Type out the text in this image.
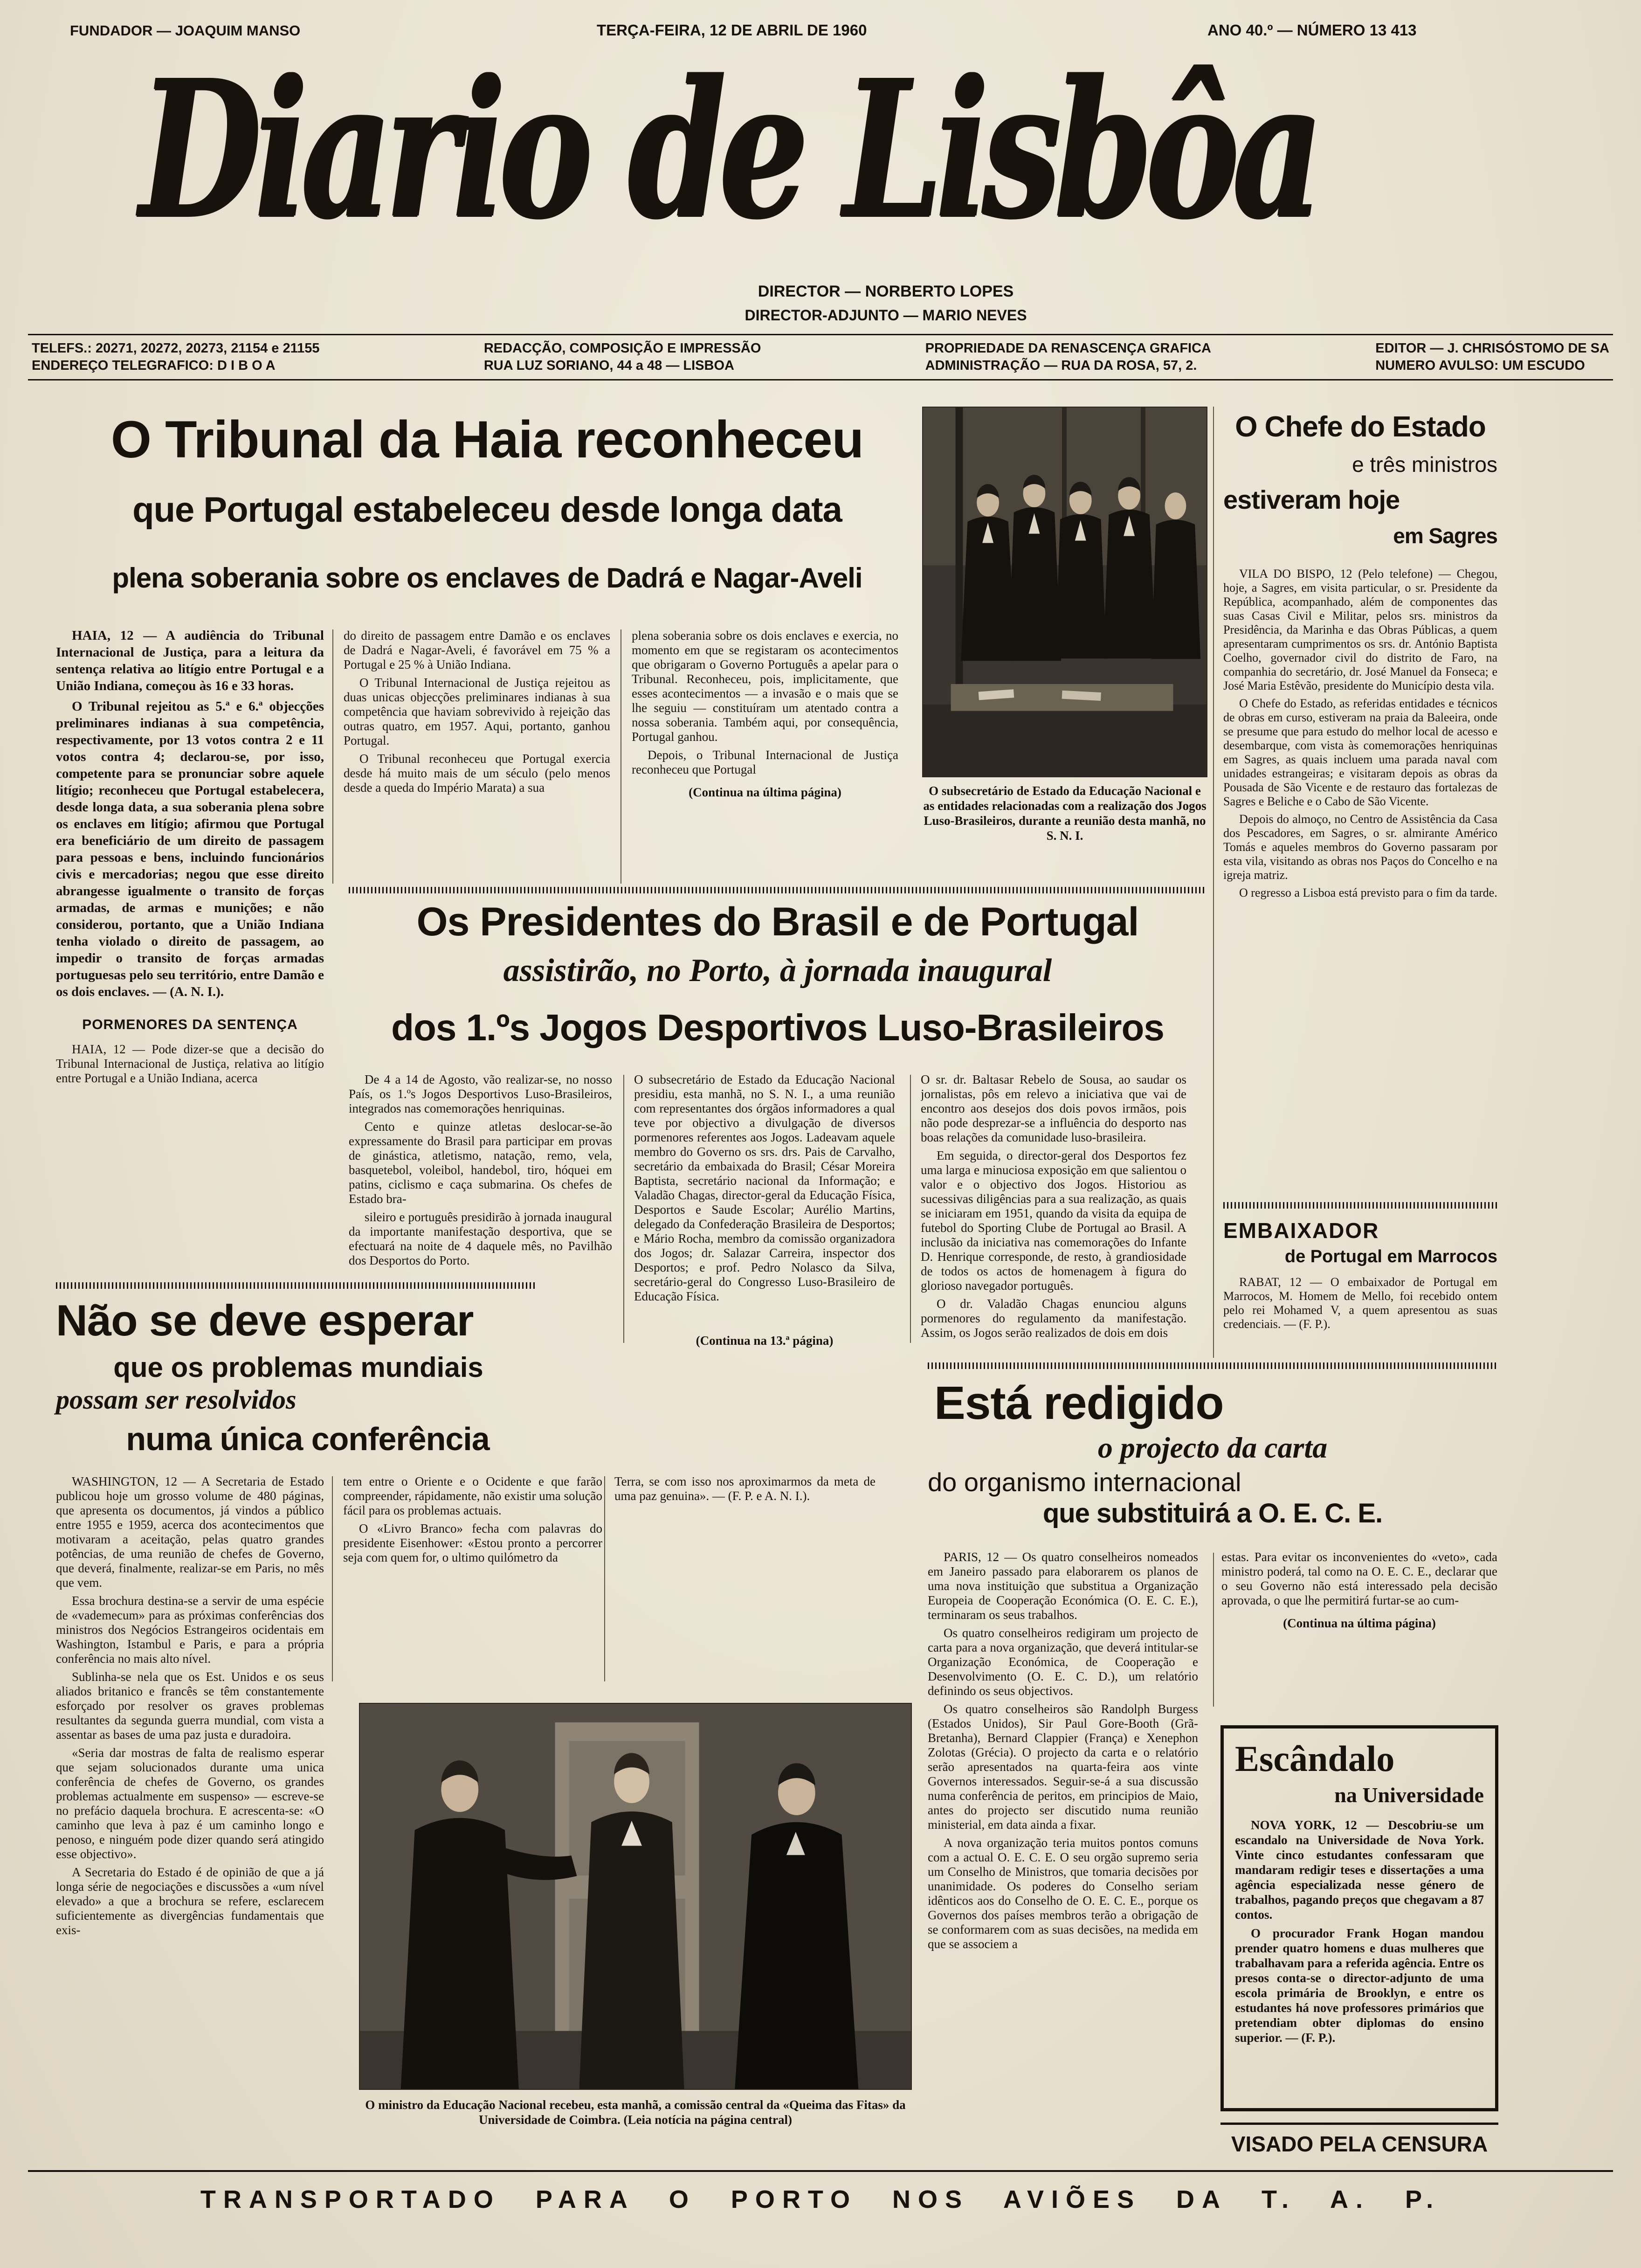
FUNDADOR — JOAQUIM MANSO	TERÇA-FEIRA, 12 DE ABRIL DE 1960	ANO 40.º — NÚMERO 13 413
Diario de Lisbôa
DIRECTOR — NORBERTO LOPES
DIRECTOR-ADJUNTO — MARIO NEVES
TELEFS.: 20271, 20272, 20273, 21154 e 21155
ENDEREÇO TELEGRAFICO: D I B O A
REDACÇÃO, COMPOSIÇÃO E IMPRESSÃO
RUA LUZ SORIANO, 44 a 48 — LISBOA
PROPRIEDADE DA RENASCENÇA GRAFICA
ADMINISTRAÇÃO — RUA DA ROSA, 57, 2.
EDITOR — J. CHRISÓSTOMO DE SA
NUMERO AVULSO: UM ESCUDO
O Tribunal da Haia reconheceu
que Portugal estabeleceu desde longa data
plena soberania sobre os enclaves de Dadrá e Nagar-Aveli

HAIA, 12 — A audiência do Tribunal Internacional de Justiça, para a leitura da sentença relativa ao litígio entre Portugal e a União Indiana, começou às 16 e 33 horas.

O Tribunal rejeitou as 5.ª e 6.ª objecções preliminares indianas à sua competência, respectivamente, por 13 votos contra 2 e 11 votos contra 4; declarou-se, por isso, competente para se pronunciar sobre aquele litígio; reconheceu que Portugal estabelecera, desde longa data, a sua soberania plena sobre os enclaves em litígio; afirmou que Portugal era beneficiário de um direito de passagem para pessoas e bens, incluindo funcionários civis e mercadorias; negou que esse direito abrangesse igualmente o transito de forças armadas, de armas e munições; e não considerou, portanto, que a União Indiana tenha violado o direito de passagem, ao impedir o transito de forças armadas portuguesas pelo seu território, entre Damão e os dois enclaves. — (A. N. I.).

PORMENORES DA SENTENÇA

HAIA, 12 — Pode dizer-se que a decisão do Tribunal Internacional de Justiça, relativa ao litígio entre Portugal e a União Indiana, acerca

do direito de passagem entre Damão e os enclaves de Dadrá e Nagar-Aveli, é favorável em 75 % a Portugal e 25 % à União Indiana.

O Tribunal Internacional de Justiça rejeitou as duas unicas objecções preliminares indianas à sua competência que haviam sobrevivido à rejeição das outras quatro, em 1957. Aqui, portanto, ganhou Portugal.

O Tribunal reconheceu que Portugal exercia desde há muito mais de um século (pelo menos desde a queda do Império Marata) a sua

plena soberania sobre os dois enclaves e exercia, no momento em que se registaram os acontecimentos que obrigaram o Governo Português a apelar para o Tribunal. Reconheceu, pois, implicitamente, que esses acontecimentos — a invasão e o mais que se lhe seguiu — constituíram um atentado contra a nossa soberania. Também aqui, por consequência, Portugal ganhou.

Depois, o Tribunal Internacional de Justiça reconheceu que Portugal

(Continua na última página)	O subsecretário de Estado da Educação Nacional e as entidades relacionadas com a realização dos Jogos Luso-Brasileiros, durante a reunião desta manhã, no S. N. I.
O Chefe do Estado
e três ministros
estiveram hoje
em Sagres

VILA DO BISPO, 12 (Pelo telefone) — Chegou, hoje, a Sagres, em visita particular, o sr. Presidente da República, acompanhado, além de componentes das suas Casas Civil e Militar, pelos srs. ministros da Presidência, da Marinha e das Obras Públicas, a quem apresentaram cumprimentos os srs. dr. António Baptista Coelho, governador civil do distrito de Faro, na companhia do secretário, dr. José Manuel da Fonseca; e José Maria Estêvão, presidente do Município desta vila.

O Chefe do Estado, as referidas entidades e técnicos de obras em curso, estiveram na praia da Baleeira, onde se presume que para estudo do melhor local de acesso e desembarque, com vista às comemorações henriquinas em Sagres, as quais incluem uma parada naval com unidades estrangeiras; e visitaram depois as obras da Pousada de São Vicente e de restauro das fortalezas de Sagres e Beliche e o Cabo de São Vicente.

Depois do almoço, no Centro de Assistência da Casa dos Pescadores, em Sagres, o sr. almirante Américo Tomás e aqueles membros do Governo passaram por esta vila, visitando as obras nos Paços do Concelho e na igreja matriz.

O regresso a Lisboa está previsto para o fim da tarde.

EMBAIXADOR
de Portugal em Marrocos

RABAT, 12 — O embaixador de Portugal em Marrocos, M. Homem de Mello, foi recebido ontem pelo rei Mohamed V, a quem apresentou as suas credenciais. — (F. P.).

Os Presidentes do Brasil e de Portugal
assistirão, no Porto, à jornada inaugural
dos 1.ºs Jogos Desportivos Luso-Brasileiros

De 4 a 14 de Agosto, vão realizar-se, no nosso País, os 1.ºs Jogos Desportivos Luso-Brasileiros, integrados nas comemorações henriquinas.

Cento e quinze atletas deslocar-se-ão expressamente do Brasil para participar em provas de ginástica, atletismo, natação, remo, vela, basquetebol, voleibol, handebol, tiro, hóquei em patins, ciclismo e caça submarina. Os chefes de Estado bra-

sileiro e português presidirão à jornada inaugural da importante manifestação desportiva, que se efectuará na noite de 4 daquele mês, no Pavilhão dos Desportos do Porto.

O subsecretário de Estado da Educação Nacional presidiu, esta manhã, no S. N. I., a uma reunião com representantes dos órgãos informadores a qual teve por objectivo a divulgação de diversos pormenores referentes aos Jogos. Ladeavam aquele membro do Governo os srs. drs. Pais de Carvalho, secretário da embaixada do Brasil; César Moreira Baptista, secretário nacional da Informação; e Valadão Chagas, director-geral da Educação Física, Desportos e Saude Escolar; Aurélio Martins, delegado da Confederação Brasileira de Desportos; e Mário Rocha, membro da comissão organizadora dos Jogos; dr. Salazar Carreira, inspector dos Desportos; e prof. Pedro Nolasco da Silva, secretário-geral do Congresso Luso-Brasileiro de Educação Física.

O sr. dr. Baltasar Rebelo de Sousa, ao saudar os jornalistas, pôs em relevo a iniciativa que vai de encontro aos desejos dos dois povos irmãos, pois não pode desprezar-se a influência do desporto nas boas relações da comunidade luso-brasileira.

Em seguida, o director-geral dos Desportos fez uma larga e minuciosa exposição em que salientou o valor e o objectivo dos Jogos. Historiou as sucessivas diligências para a sua realização, as quais se iniciaram em 1951, quando da visita da equipa de futebol do Sporting Clube de Portugal ao Brasil. A inclusão da iniciativa nas comemorações do Infante D. Henrique corresponde, de resto, à grandiosidade de todos os actos de homenagem à figura do glorioso navegador português.

O dr. Valadão Chagas enunciou alguns pormenores do regulamento da manifestação. Assim, os Jogos serão realizados de dois em dois

(Continua na 13.ª página)
Não se deve esperar
que os problemas mundiais
possam ser resolvidos
numa única conferência

WASHINGTON, 12 — A Secretaria de Estado publicou hoje um grosso volume de 480 páginas, que apresenta os documentos, já vindos a público entre 1955 e 1959, acerca dos acontecimentos que motivaram a aceitação, pelas quatro grandes potências, de uma reunião de chefes de Governo, que deverá, finalmente, realizar-se em Paris, no mês que vem.

Essa brochura destina-se a servir de uma espécie de «vademecum» para as próximas conferências dos ministros dos Negócios Estrangeiros ocidentais em Washington, Istambul e Paris, e para a própria conferência no mais alto nível.

Sublinha-se nela que os Est. Unidos e os seus aliados britanico e francês se têm constantemente esforçado por resolver os graves problemas resultantes da segunda guerra mundial, com vista a assentar as bases de uma paz justa e duradoira.

«Seria dar mostras de falta de realismo esperar que sejam solucionados durante uma unica conferência de chefes de Governo, os grandes problemas actualmente em suspenso» — escreve-se no prefácio daquela brochura. E acrescenta-se: «O caminho que leva à paz é um caminho longo e penoso, e ninguém pode dizer quando será atingido esse objectivo».

A Secretaria do Estado é de opinião de que a já longa série de negociações e discussões a «um nível elevado» a que a brochura se refere, esclarecem suficientemente as divergências fundamentais que exis-

tem entre o Oriente e o Ocidente e que farão compreender, rápidamente, não existir uma solução fácil para os problemas actuais.

O «Livro Branco» fecha com palavras do presidente Eisenhower: «Estou pronto a percorrer seja com quem for, o ultimo quilómetro da

Terra, se com isso nos aproximarmos da meta de uma paz genuina». — (F. P. e A. N. I.).

Está redigido
o projecto da carta
do organismo internacional
que substituirá a O. E. C. E.

PARIS, 12 — Os quatro conselheiros nomeados em Janeiro passado para elaborarem os planos de uma nova instituição que substitua a Organização Europeia de Cooperação Económica (O. E. C. E.), terminaram os seus trabalhos.

Os quatro conselheiros redigiram um projecto de carta para a nova organização, que deverá intitular-se Organização Económica, de Cooperação e Desenvolvimento (O. E. C. D.), um relatório definindo os seus objectivos.

Os quatro conselheiros são Randolph Burgess (Estados Unidos), Sir Paul Gore-Booth (Grã-Bretanha), Bernard Clappier (França) e Xenephon Zolotas (Grécia). O projecto da carta e o relatório serão apresentados na quarta-feira aos vinte Governos interessados. Seguir-se-á a sua discussão numa conferência de peritos, em principios de Maio, antes do projecto ser discutido numa reunião ministerial, em data ainda a fixar.

A nova organização teria muitos pontos comuns com a actual O. E. C. E. O seu orgão supremo seria um Conselho de Ministros, que tomaria decisões por unanimidade. Os poderes do Conselho seriam idênticos aos do Conselho de O. E. C. E., porque os Governos dos países membros terão a obrigação de se conformarem com as suas decisões, na medida em que se associem a

estas. Para evitar os inconvenientes do «veto», cada ministro poderá, tal como na O. E. C. E., declarar que o seu Governo não está interessado pela decisão aprovada, o que lhe permitirá furtar-se ao cum-

(Continua na última página)
Escândalo
na Universidade

NOVA YORK, 12 — Descobriu-se um escandalo na Universidade de Nova York. Vinte cinco estudantes confessaram que mandaram redigir teses e dissertações a uma agência especializada nesse género de trabalhos, pagando preços que chegavam a 87 contos.

O procurador Frank Hogan mandou prender quatro homens e duas mulheres que trabalhavam para a referida agência. Entre os presos conta-se o director-adjunto de uma escola primária de Brooklyn, e entre os estudantes há nove professores primários que pretendiam obter diplomas do ensino superior. — (F. P.).

VISADO PELA CENSURA
O ministro da Educação Nacional recebeu, esta manhã, a comissão central da «Queima das Fitas» da Universidade de Coimbra. (Leia notícia na página central)
TRANSPORTADO PARA O PORTO NOS AVIÕES DA T. A. P.
